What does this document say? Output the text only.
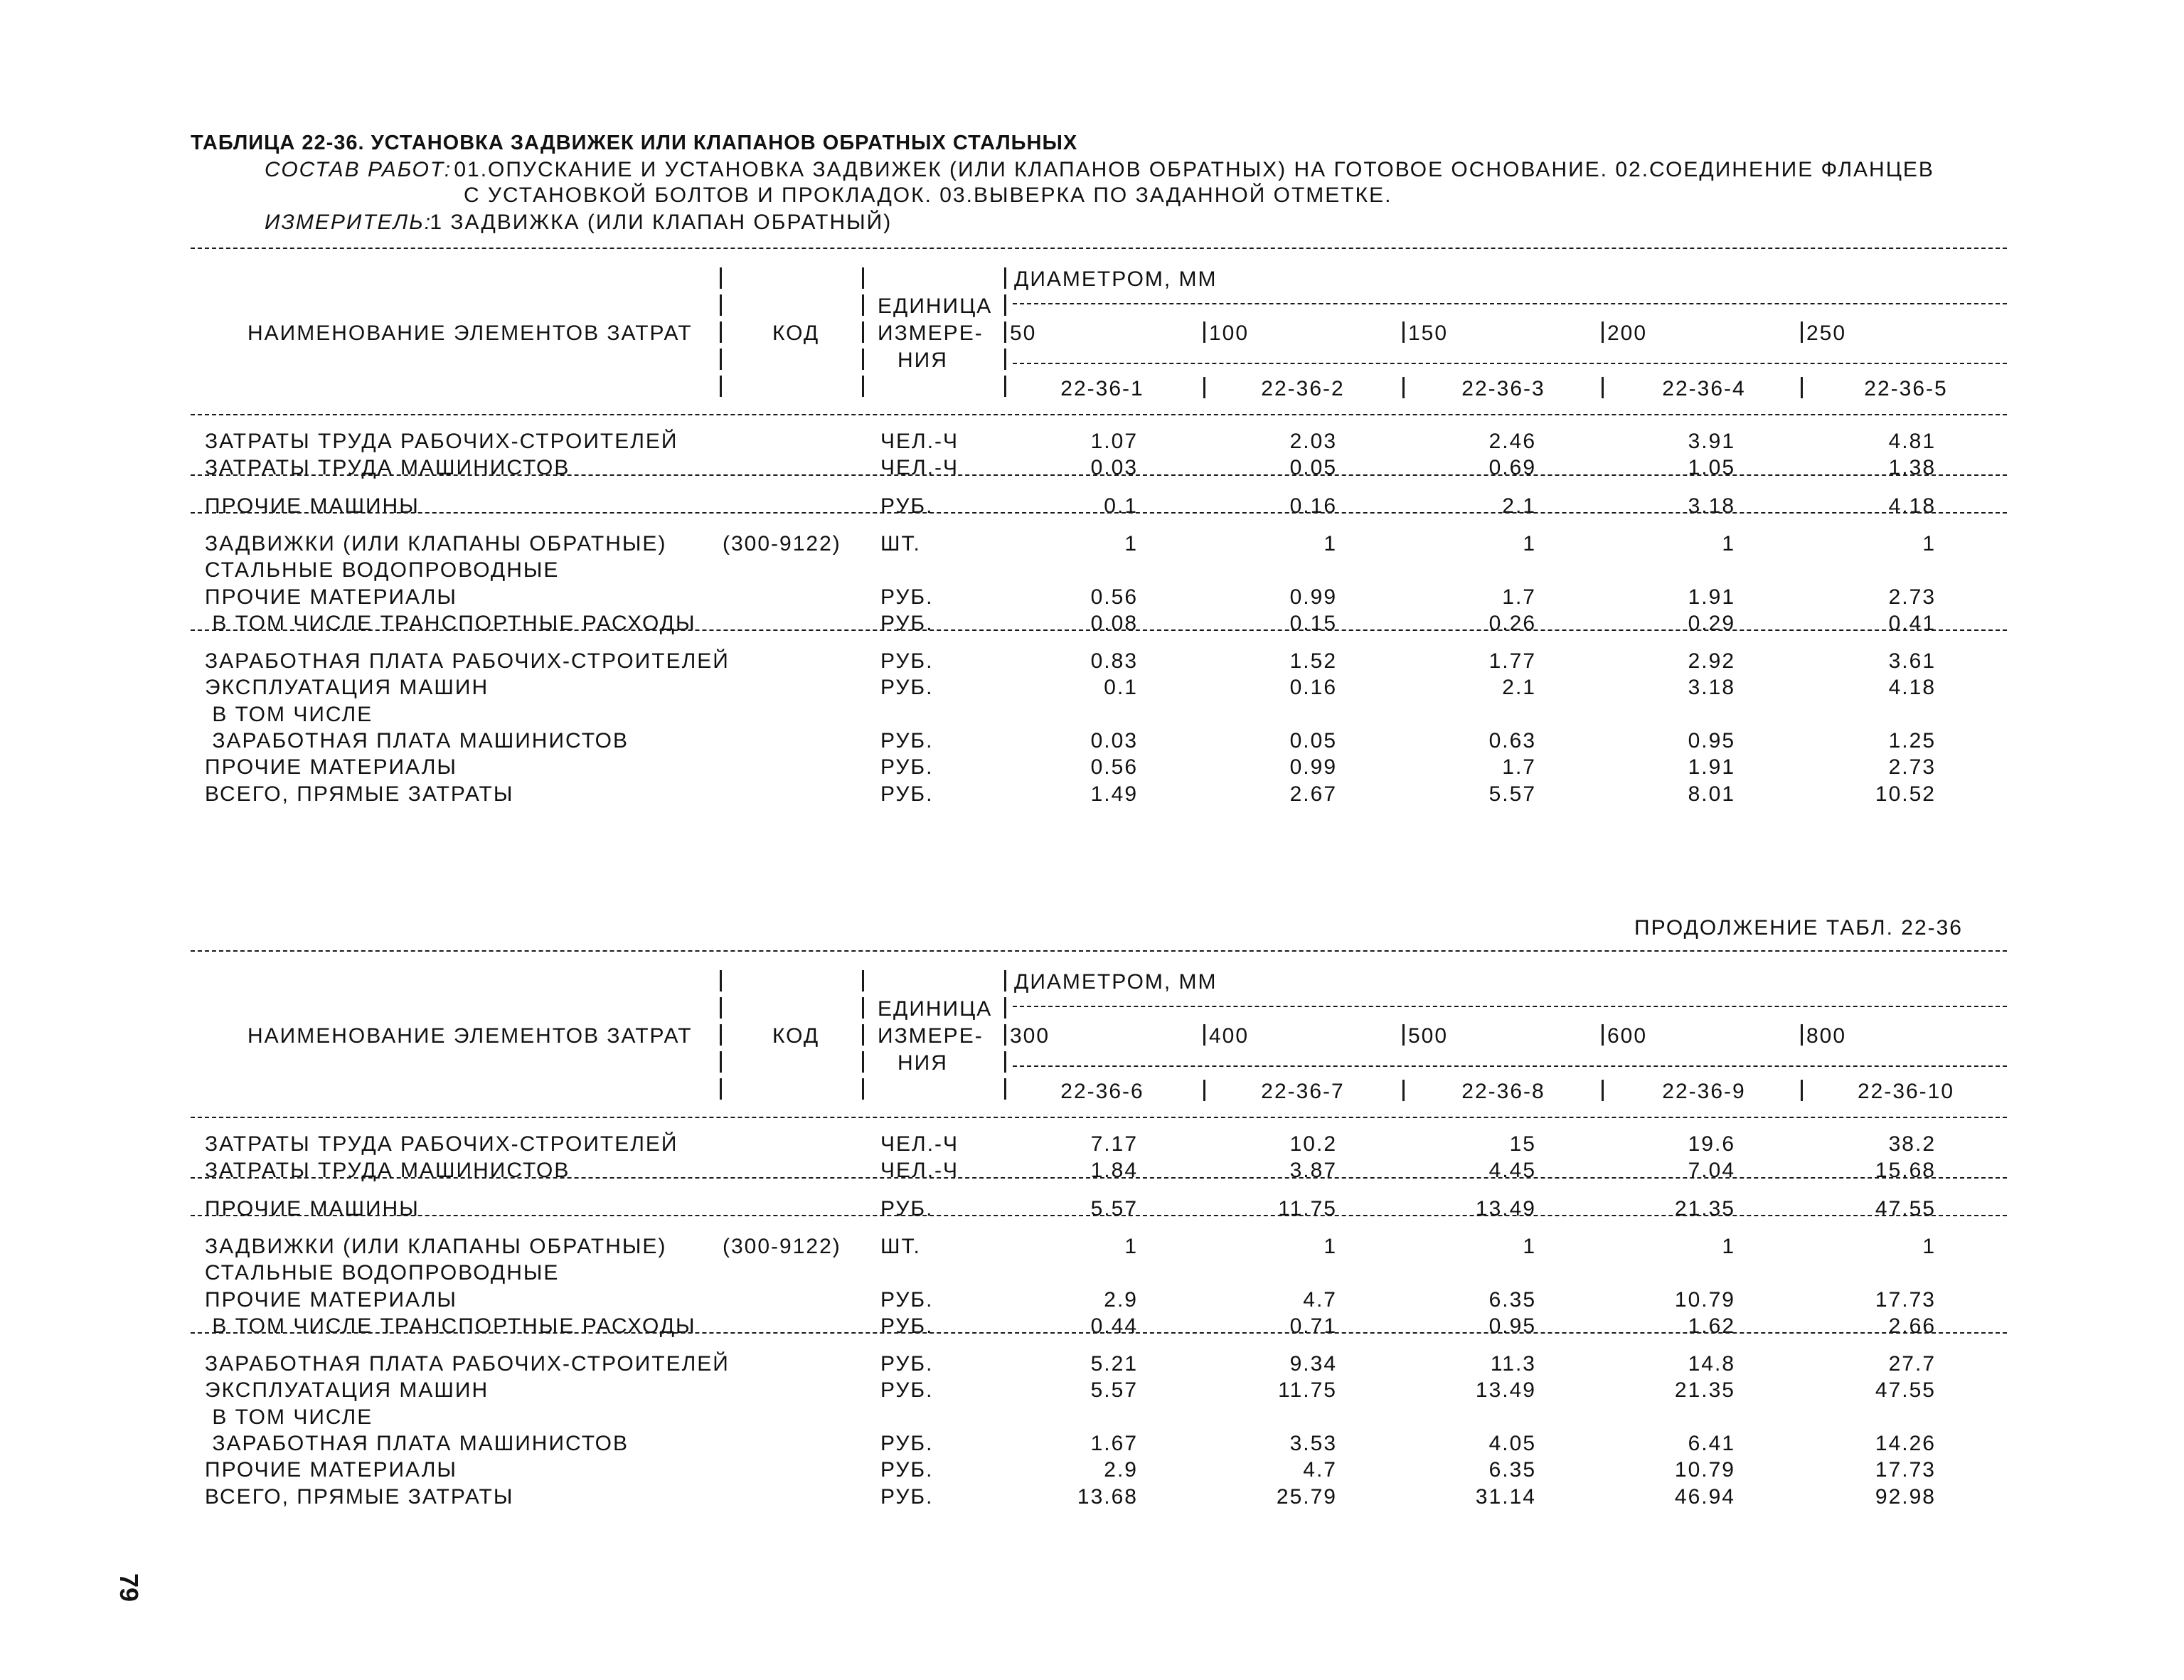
ТАБЛИЦА 22-36. УСТАНОВКА ЗАДВИЖЕК ИЛИ КЛАПАНОВ ОБРАТНЫХ СТАЛЬНЫХ
СОСТАВ РАБОТ:
01.ОПУСКАНИЕ И УСТАНОВКА ЗАДВИЖЕК (ИЛИ КЛАПАНОВ ОБРАТНЫХ) НА ГОТОВОЕ ОСНОВАНИЕ. 02.СОЕДИНЕНИЕ ФЛАНЦЕВ
С УСТАНОВКОЙ БОЛТОВ И ПРОКЛАДОК. 03.ВЫВЕРКА ПО ЗАДАННОЙ ОТМЕТКЕ.
ИЗМЕРИТЕЛЬ:
1 ЗАДВИЖКА (ИЛИ КЛАПАН ОБРАТНЫЙ)
НАИМЕНОВАНИЕ ЭЛЕМЕНТОВ ЗАТРАТ	КОД
ЕДИНИЦА
ИЗМЕРЕ-
НИЯ
ДИАМЕТРОМ, ММ
50	100	150	200	250
22-36-1	22-36-2	22-36-3	22-36-4	22-36-5
ЗАТРАТЫ ТРУДА РАБОЧИХ-СТРОИТЕЛЕЙ	ЧЕЛ.-Ч	1.07	2.03	2.46	3.91	4.81
ЗАТРАТЫ ТРУДА МАШИНИСТОВ	ЧЕЛ.-Ч	0.03	0.05	0.69	1.05	1.38
ПРОЧИЕ МАШИНЫ	РУБ.	0.1	0.16	2.1	3.18	4.18
ЗАДВИЖКИ (ИЛИ КЛАПАНЫ ОБРАТНЫЕ)	(300-9122) ШТ.	1	1	1	1	1
СТАЛЬНЫЕ ВОДОПРОВОДНЫЕ
ПРОЧИЕ МАТЕРИАЛЫ	РУБ.	0.56	0.99	1.7	1.91	2.73
В ТОМ ЧИСЛЕ ТРАНСПОРТНЫЕ РАСХОДЫ	РУБ.	0.08	0.15	0.26	0.29	0.41
ЗАРАБОТНАЯ ПЛАТА РАБОЧИХ-СТРОИТЕЛЕЙ	РУБ.	0.83	1.52	1.77	2.92	3.61
ЭКСПЛУАТАЦИЯ МАШИН	РУБ.	0.1	0.16	2.1	3.18	4.18
В ТОМ ЧИСЛЕ
ЗАРАБОТНАЯ ПЛАТА МАШИНИСТОВ	РУБ.	0.03	0.05	0.63	0.95	1.25
ПРОЧИЕ МАТЕРИАЛЫ	РУБ.	0.56	0.99	1.7	1.91	2.73
ВСЕГО, ПРЯМЫЕ ЗАТРАТЫ	РУБ.	1.49	2.67	5.57	8.01	10.52
ПРОДОЛЖЕНИЕ ТАБЛ. 22-36
НАИМЕНОВАНИЕ ЭЛЕМЕНТОВ ЗАТРАТ	КОД
ЕДИНИЦА
ИЗМЕРЕ-
НИЯ
ДИАМЕТРОМ, ММ
300	400	500	600	800
22-36-6	22-36-7	22-36-8	22-36-9	22-36-10
ЗАТРАТЫ ТРУДА РАБОЧИХ-СТРОИТЕЛЕЙ	ЧЕЛ.-Ч	7.17	10.2	15	19.6	38.2
ЗАТРАТЫ ТРУДА МАШИНИСТОВ	ЧЕЛ.-Ч	1.84	3.87	4.45	7.04	15.68
ПРОЧИЕ МАШИНЫ	РУБ.	5.57	11.75	13.49	21.35	47.55
ЗАДВИЖКИ (ИЛИ КЛАПАНЫ ОБРАТНЫЕ)	(300-9122) ШТ.	1	1	1	1	1
СТАЛЬНЫЕ ВОДОПРОВОДНЫЕ
ПРОЧИЕ МАТЕРИАЛЫ	РУБ.	2.9	4.7	6.35	10.79	17.73
В ТОМ ЧИСЛЕ ТРАНСПОРТНЫЕ РАСХОДЫ	РУБ.	0.44	0.71	0.95	1.62	2.66
ЗАРАБОТНАЯ ПЛАТА РАБОЧИХ-СТРОИТЕЛЕЙ	РУБ.	5.21	9.34	11.3	14.8	27.7
ЭКСПЛУАТАЦИЯ МАШИН	РУБ.	5.57	11.75	13.49	21.35	47.55
В ТОМ ЧИСЛЕ
ЗАРАБОТНАЯ ПЛАТА МАШИНИСТОВ	РУБ.	1.67	3.53	4.05	6.41	14.26
ПРОЧИЕ МАТЕРИАЛЫ	РУБ.	2.9	4.7	6.35	10.79	17.73
ВСЕГО, ПРЯМЫЕ ЗАТРАТЫ	РУБ.	13.68	25.79	31.14	46.94	92.98
79
